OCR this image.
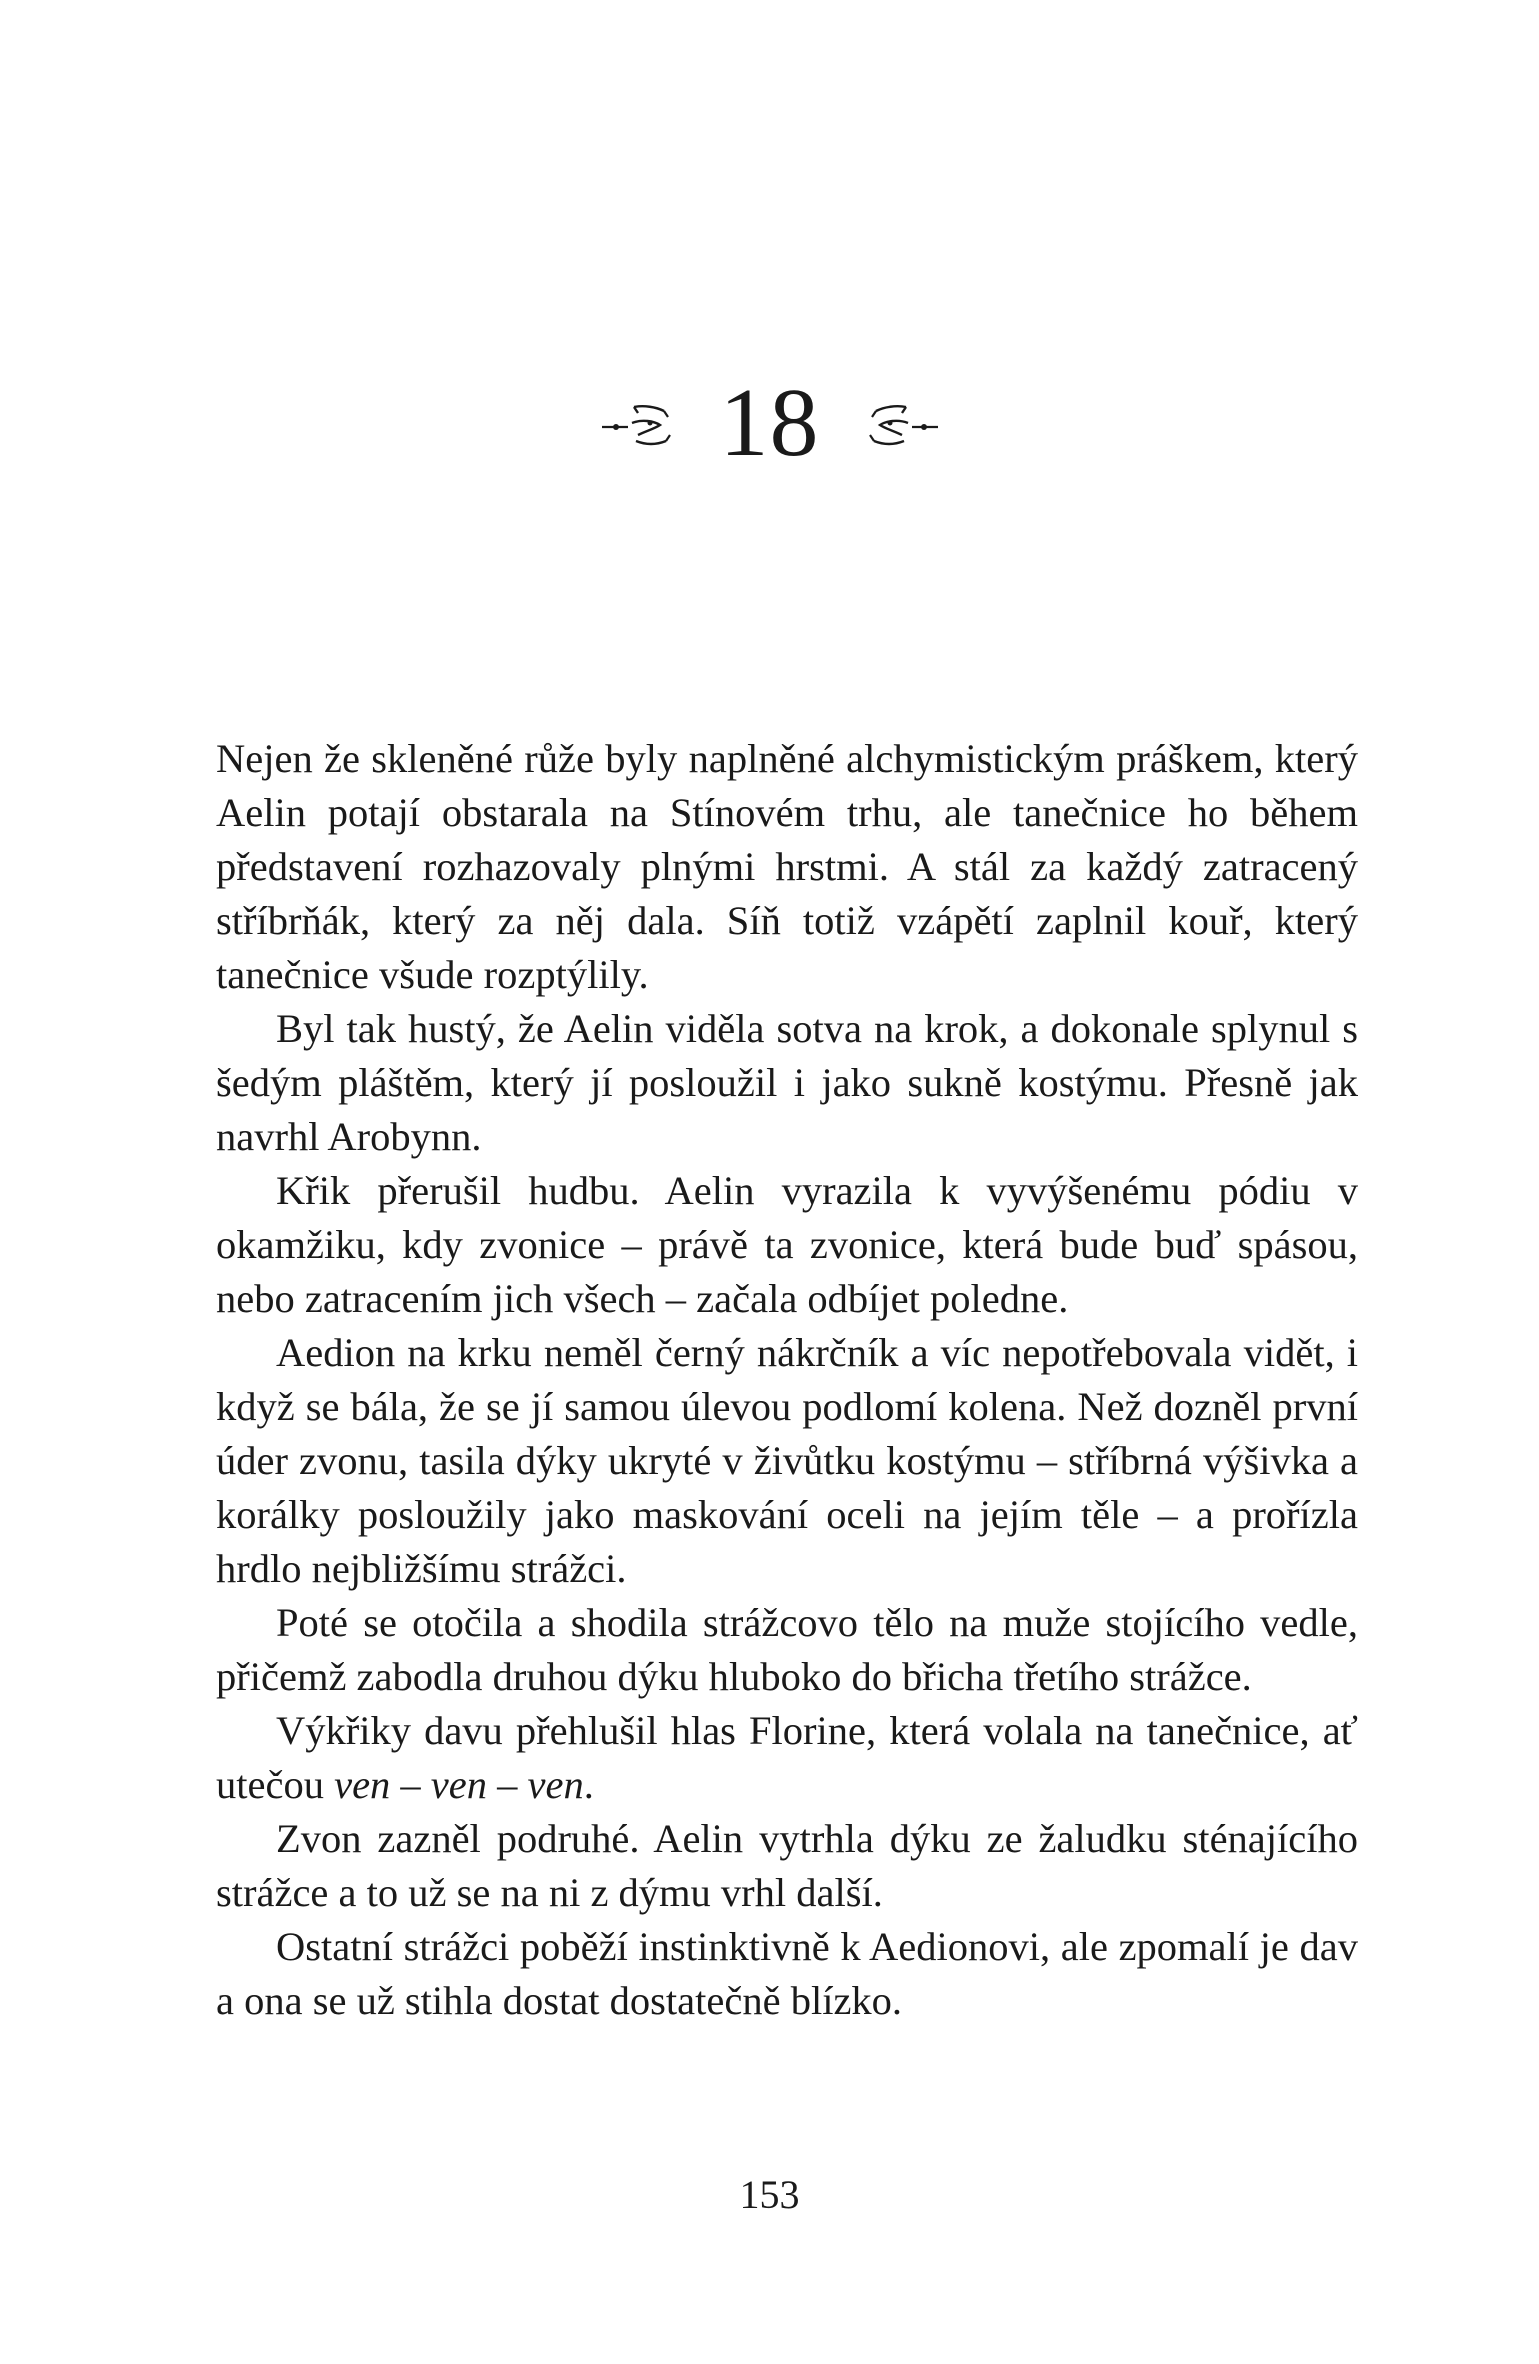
18

Nejen že skleněné růže byly naplněné alchymistickým práškem, který Aelin potají obstarala na Stínovém trhu, ale tanečnice ho během představení rozhazovaly plnými hrstmi. A stál za každý zatracený stříbrňák, který za něj dala. Síň totiž vzápětí zaplnil kouř, který tanečnice všude rozptýlily.

Byl tak hustý, že Aelin viděla sotva na krok, a dokonale splynul s šedým pláštěm, který jí posloužil i jako sukně kostýmu. Přesně jak navrhl Arobynn.

Křik přerušil hudbu. Aelin vyrazila k vyvýšenému pódiu v okamžiku, kdy zvonice – právě ta zvonice, která bude buď spásou, nebo zatracením jich všech – začala odbíjet poledne.

Aedion na krku neměl černý nákrčník a víc nepotřebovala vidět, i když se bála, že se jí samou úlevou podlomí kolena. Než dozněl první úder zvonu, tasila dýky ukryté v živůtku kostýmu – stříbrná výšivka a korálky posloužily jako maskování oceli na jejím těle – a prořízla hrdlo nejbližšímu strážci.

Poté se otočila a shodila strážcovo tělo na muže stojícího vedle, přičemž zabodla druhou dýku hluboko do břicha třetího strážce.

Výkřiky davu přehlušil hlas Florine, která volala na tanečnice, ať utečou ven – ven – ven.

Zvon zazněl podruhé. Aelin vytrhla dýku ze žaludku sténajícího strážce a to už se na ni z dýmu vrhl další.

Ostatní strážci poběží instinktivně k Aedionovi, ale zpomalí je dav a ona se už stihla dostat dostatečně blízko.

153
